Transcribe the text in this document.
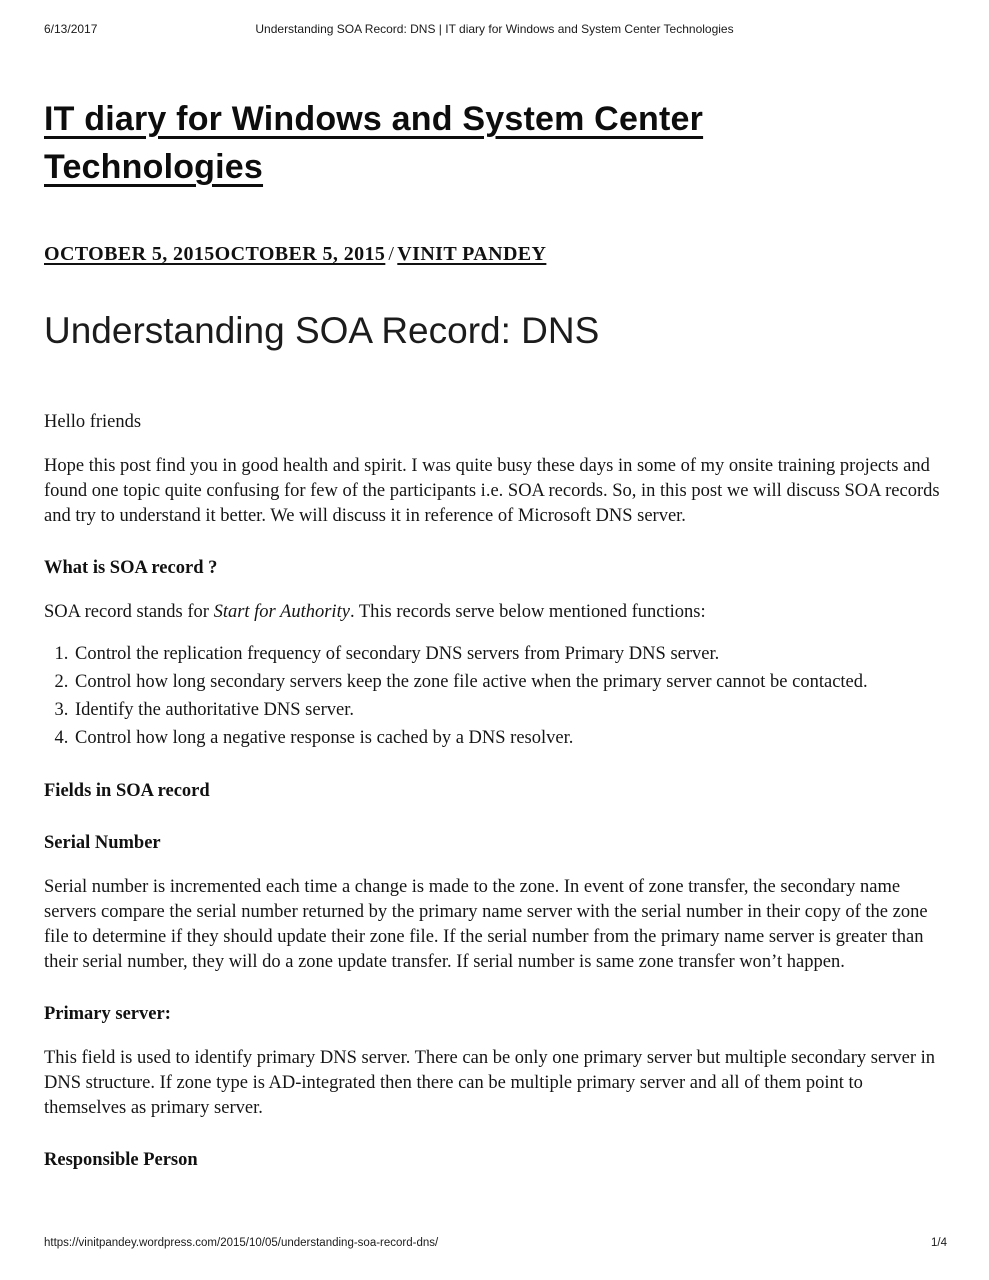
6/13/2017	Understanding SOA Record: DNS | IT diary for Windows and System Center Technologies
IT diary for Windows and System Center Technologies
OCTOBER 5, 2015OCTOBER 5, 2015 / VINIT PANDEY
Understanding SOA Record: DNS

Hello friends

Hope this post find you in good health and spirit. I was quite busy these days in some of my onsite training projects and found one topic quite confusing for few of the participants i.e. SOA records. So, in this post we will discuss SOA records and try to understand it better. We will discuss it in reference of Microsoft DNS server.

What is SOA record ?

SOA record stands for Start for Authority. This records serve below mentioned functions:

1. Control the replication frequency of secondary DNS servers from Primary DNS server.
2. Control how long secondary servers keep the zone file active when the primary server cannot be contacted.
3. Identify the authoritative DNS server.
4. Control how long a negative response is cached by a DNS resolver.
Fields in SOA record
Serial Number

Serial number is incremented each time a change is made to the zone. In event of zone transfer, the secondary name servers compare the serial number returned by the primary name server with the serial number in their copy of the zone file to determine if they should update their zone file. If the serial number from the primary name server is greater than their serial number, they will do a zone update transfer. If serial number is same zone transfer won’t happen.

Primary server:

This field is used to identify primary DNS server. There can be only one primary server but multiple secondary server in DNS structure. If zone type is AD-integrated then there can be multiple primary server and all of them point to themselves as primary server.

Responsible Person
https://vinitpandey.wordpress.com/2015/10/05/understanding-soa-record-dns/	1/4
